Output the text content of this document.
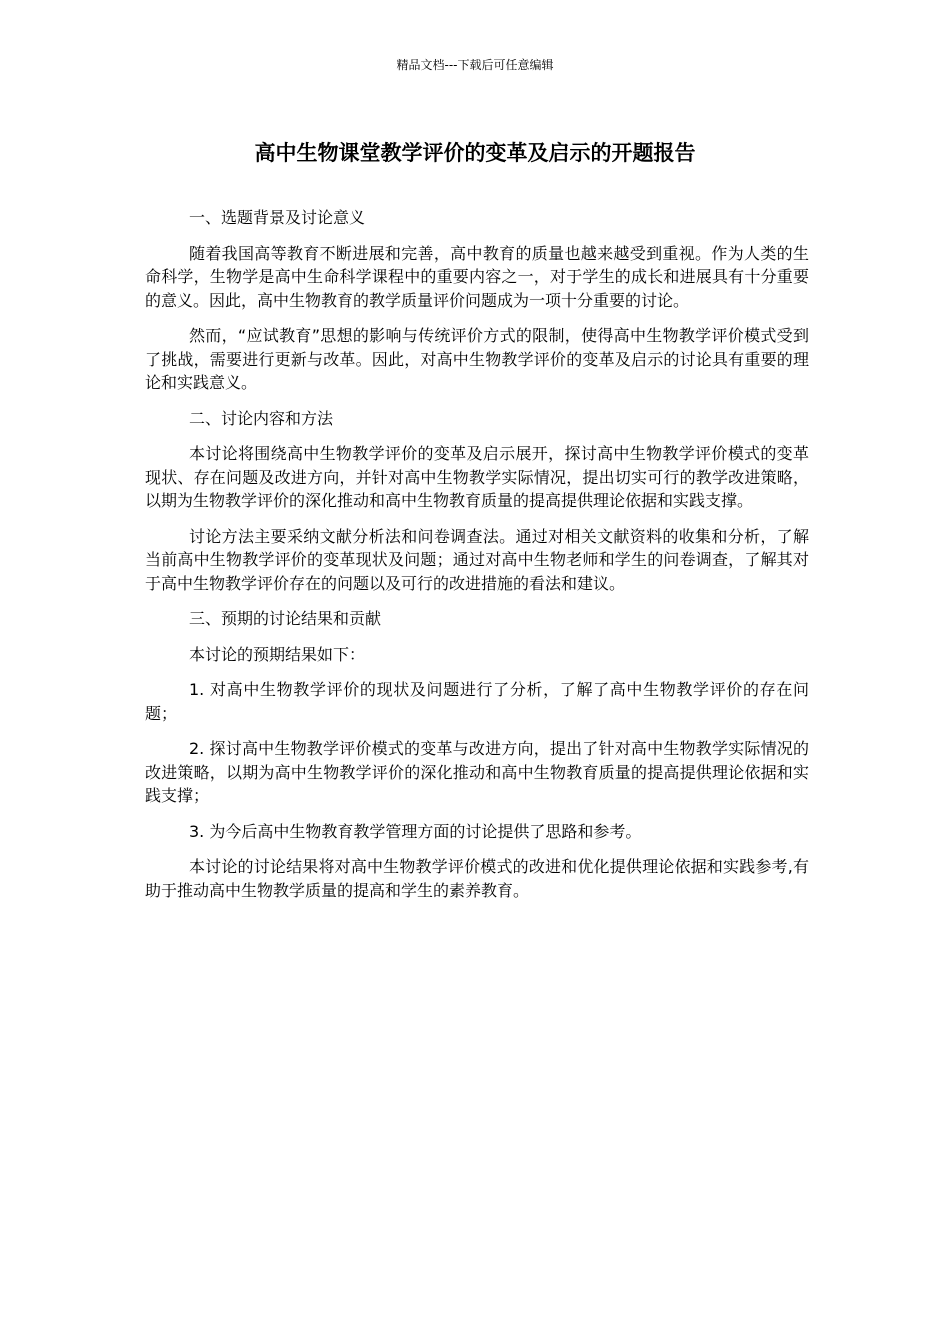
精品文档---下载后可任意编辑
高中生物课堂教学评价的变革及启示的开题报告

一、选题背景及讨论意义

随着我国高等教育不断进展和完善，高中教育的质量也越来越受到重视。作为人类的生命科学，生物学是高中生命科学课程中的重要内容之一，对于学生的成长和进展具有十分重要的意义。因此，高中生物教育的教学质量评价问题成为一项十分重要的讨论。

然而，“应试教育”思想的影响与传统评价方式的限制，使得高中生物教学评价模式受到了挑战，需要进行更新与改革。因此，对高中生物教学评价的变革及启示的讨论具有重要的理论和实践意义。

二、讨论内容和方法

本讨论将围绕高中生物教学评价的变革及启示展开，探讨高中生物教学评价模式的变革现状、存在问题及改进方向，并针对高中生物教学实际情况，提出切实可行的教学改进策略，以期为生物教学评价的深化推动和高中生物教育质量的提高提供理论依据和实践支撑。

讨论方法主要采纳文献分析法和问卷调查法。通过对相关文献资料的收集和分析，了解当前高中生物教学评价的变革现状及问题；通过对高中生物老师和学生的问卷调查，了解其对于高中生物教学评价存在的问题以及可行的改进措施的看法和建议。

三、预期的讨论结果和贡献

本讨论的预期结果如下：

1. 对高中生物教学评价的现状及问题进行了分析，了解了高中生物教学评价的存在问题；

2. 探讨高中生物教学评价模式的变革与改进方向，提出了针对高中生物教学实际情况的改进策略，以期为高中生物教学评价的深化推动和高中生物教育质量的提高提供理论依据和实践支撑；

3. 为今后高中生物教育教学管理方面的讨论提供了思路和参考。

本讨论的讨论结果将对高中生物教学评价模式的改进和优化提供理论依据和实践参考,有助于推动高中生物教学质量的提高和学生的素养教育。
